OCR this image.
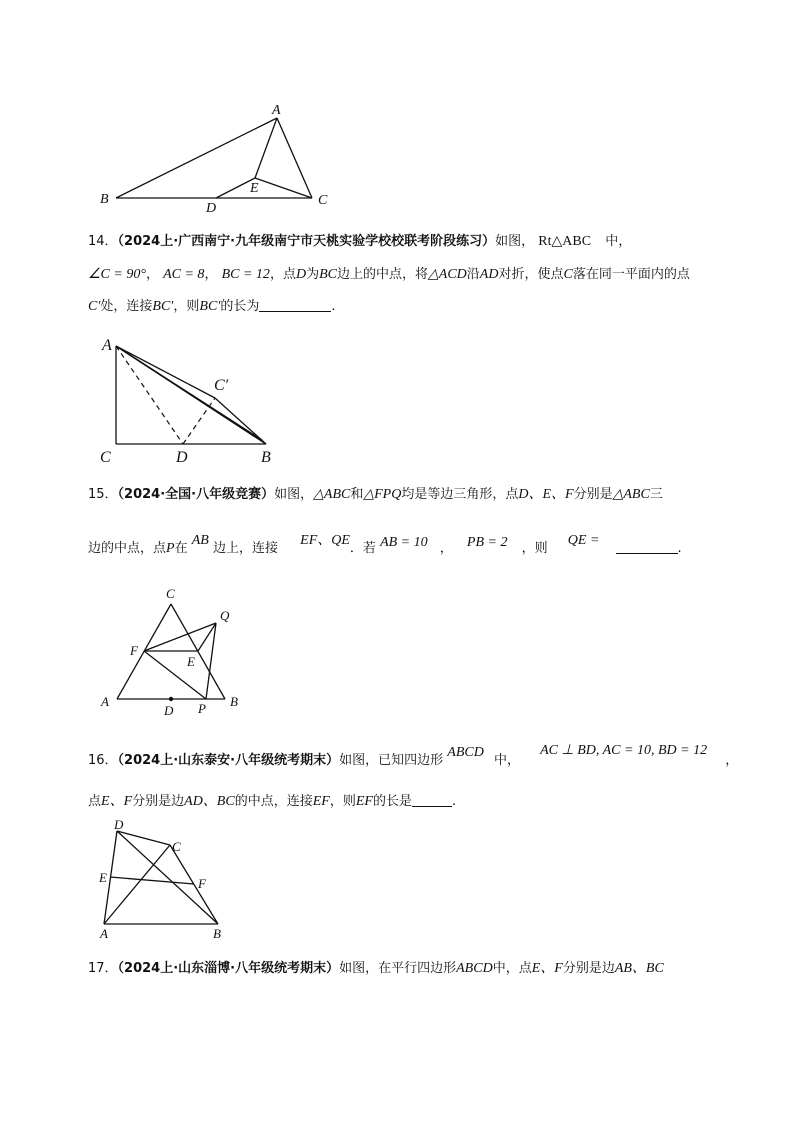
A
B	C
D
E
14．（2024上·广西南宁·九年级南宁市天桃实验学校校联考阶段练习）如图， Rt△ABC 中，
∠C = 90°， AC = 8， BC = 12，点D为BC边上的中点，将△ACD沿AD对折，使点C落在同一平面内的点
C′处，连接BC′，则BC′的长为	.
A
C	D	B
C′
15．（2024·全国·八年级竞赛）如图，△ABC和△FPQ均是等边三角形，点D、E、F分别是△ABC三
边的中点，点P在 AB 边上，连接 EF、QE．若 AB = 10 ， PB = 2 ，则 QE = .
C
Q
F
E
A
D P B
16．（2024上·山东泰安·八年级统考期末）如图，已知四边形 ABCD 中， AC ⊥ BD, AC = 10, BD = 12 ，
点E、F分别是边AD、BC的中点，连接EF，则EF的长是	.
D
C
E	F
A	B
17．（2024上·山东淄博·八年级统考期末）如图，在平行四边形ABCD中，点E、F分别是边AB、BC
